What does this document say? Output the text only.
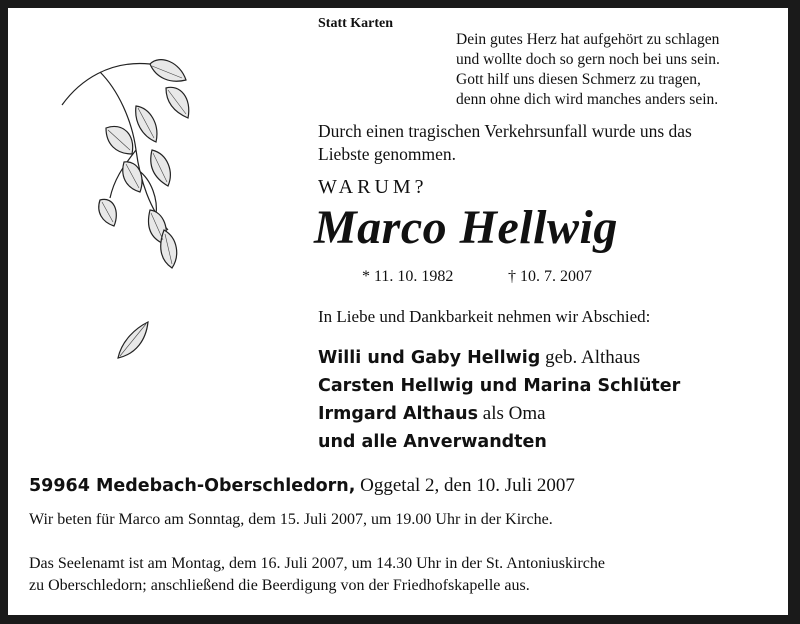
Statt Karten
Dein gutes Herz hat aufgehört zu schlagen
und wollte doch so gern noch bei uns sein.
Gott hilf uns diesen Schmerz zu tragen,
denn ohne dich wird manches anders sein.
Durch einen tragischen Verkehrsunfall wurde uns das
Liebste genommen.
WARUM?
Marco Hellwig
* 11. 10. 1982	† 10. 7. 2007
In Liebe und Dankbarkeit nehmen wir Abschied:
Willi und Gaby Hellwig geb. Althaus
Carsten Hellwig und Marina Schlüter
Irmgard Althaus als Oma
und alle Anverwandten
59964 Medebach-Oberschledorn, Oggetal 2, den 10. Juli 2007
Wir beten für Marco am Sonntag, dem 15. Juli 2007, um 19.00 Uhr in der Kirche.
Das Seelenamt ist am Montag, dem 16. Juli 2007, um 14.30 Uhr in der St. Antoniuskirche
zu Oberschledorn; anschließend die Beerdigung von der Friedhofskapelle aus.
